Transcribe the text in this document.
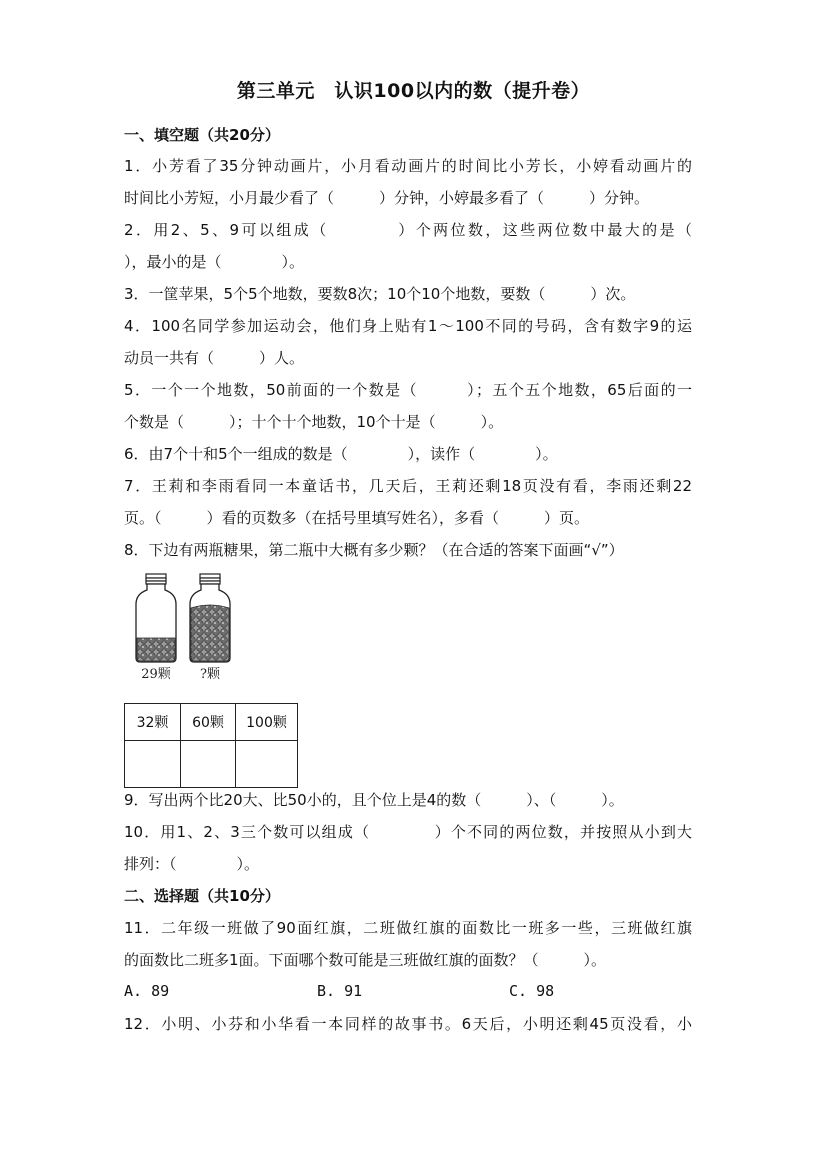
第三单元　认识100以内的数（提升卷）
一、填空题（共20分）
1．小芳看了35分钟动画片，小月看动画片的时间比小芳长，小婷看动画片的
时间比小芳短，小月最少看了（　　　）分钟，小婷最多看了（　　　）分钟。
2．用2、5、9可以组成（　　　　）个两位数，这些两位数中最大的是（
），最小的是（　　　　）。
3．一筐苹果，5个5个地数，要数8次；10个10个地数，要数（　　　）次。
4．100名同学参加运动会，他们身上贴有1～100不同的号码，含有数字9的运
动员一共有（　　　）人。
5．一个一个地数，50前面的一个数是（　　　）；五个五个地数，65后面的一
个数是（　　　）；十个十个地数，10个十是（　　　）。
6．由7个十和5个一组成的数是（　　　　），读作（　　　　）。
7．王莉和李雨看同一本童话书，几天后，王莉还剩18页没有看，李雨还剩22
页。（　　　）看的页数多（在括号里填写姓名），多看（　　　）页。
8．下边有两瓶糖果，第二瓶中大概有多少颗？（在合适的答案下面画“√”）
29颗 ?颗
32颗	60颗	100颗

9．写出两个比20大、比50小的，且个位上是4的数（　　　）、（　　　）。
10．用1、2、3三个数可以组成（　　　　）个不同的两位数，并按照从小到大
排列：（　　　　）。
二、选择题（共10分）
11．二年级一班做了90面红旗，二班做红旗的面数比一班多一些，三班做红旗
的面数比二班多1面。下面哪个数可能是三班做红旗的面数？（　　　）。
A. 89	B. 91	C. 98
12．小明、小芬和小华看一本同样的故事书。6天后，小明还剩45页没看，小
